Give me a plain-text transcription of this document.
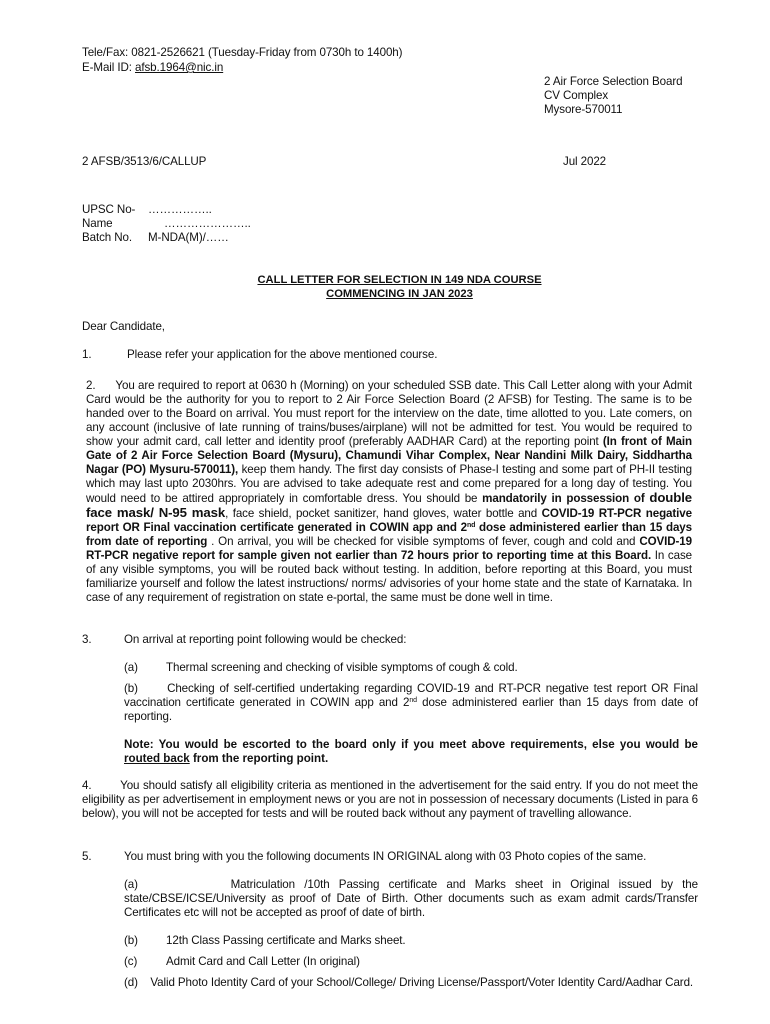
Tele/Fax: 0821-2526621 (Tuesday-Friday from 0730h to 1400h)
E-Mail ID: afsb.1964@nic.in
2 Air Force Selection Board
CV Complex
Mysore-570011
2 AFSB/3513/6/CALLUP	Jul 2022
UPSC No- ……………..
Name	…………………..
Batch No. M-NDA(M)/……
CALL LETTER FOR SELECTION IN 149 NDA COURSE
COMMENCING IN JAN 2023
Dear Candidate,
1.	Please refer your application for the above mentioned course.
2. You are required to report at 0630 h (Morning) on your scheduled SSB date. This Call Letter along with your Admit Card would be the authority for you to report to 2 Air Force Selection Board (2 AFSB) for Testing. The same is to be handed over to the Board on arrival. You must report for the interview on the date, time allotted to you. Late comers, on any account (inclusive of late running of trains/buses/airplane) will not be admitted for test. You would be required to show your admit card, call letter and identity proof (preferably AADHAR Card) at the reporting point (In front of Main Gate of 2 Air Force Selection Board (Mysuru), Chamundi Vihar Complex, Near Nandini Milk Dairy, Siddhartha Nagar (PO) Mysuru-570011), keep them handy. The first day consists of Phase-I testing and some part of PH-II testing which may last upto 2030hrs. You are advised to take adequate rest and come prepared for a long day of testing. You would need to be attired appropriately in comfortable dress. You should be mandatorily in possession of double face mask/ N-95 mask, face shield, pocket sanitizer, hand gloves, water bottle and COVID-19 RT-PCR negative report OR Final vaccination certificate generated in COWIN app and 2nd dose administered earlier than 15 days from date of reporting . On arrival, you will be checked for visible symptoms of fever, cough and cold and COVID-19 RT-PCR negative report for sample given not earlier than 72 hours prior to reporting time at this Board. In case of any visible symptoms, you will be routed back without testing. In addition, before reporting at this Board, you must familiarize yourself and follow the latest instructions/ norms/ advisories of your home state and the state of Karnataka. In case of any requirement of registration on state e-portal, the same must be done well in time.
3.	On arrival at reporting point following would be checked:
(a) Thermal screening and checking of visible symptoms of cough & cold.
(b)	Checking of self-certified undertaking regarding COVID-19 and RT-PCR negative test report OR Final vaccination certificate generated in COWIN app and 2nd dose administered earlier than 15 days from date of reporting.
Note: You would be escorted to the board only if you meet above requirements, else you would be routed back from the reporting point.
4. You should satisfy all eligibility criteria as mentioned in the advertisement for the said entry. If you do not meet the eligibility as per advertisement in employment news or you are not in possession of necessary documents (Listed in para 6 below), you will not be accepted for tests and will be routed back without any payment of travelling allowance.
5.	You must bring with you the following documents IN ORIGINAL along with 03 Photo copies of the same.
(a)	Matriculation /10th Passing certificate and Marks sheet in Original issued by the state/CBSE/ICSE/University as proof of Date of Birth. Other documents such as exam admit cards/Transfer Certificates etc will not be accepted as proof of date of birth.
(b) 12th Class Passing certificate and Marks sheet.
(c) Admit Card and Call Letter (In original)
(d) Valid Photo Identity Card of your School/College/ Driving License/Passport/Voter Identity Card/Aadhar Card.
